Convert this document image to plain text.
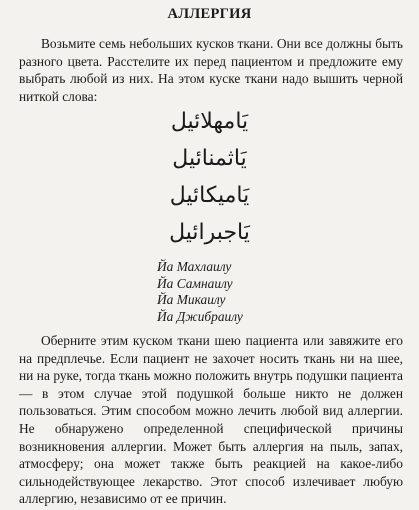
АЛЛЕРГИЯ

Возьмите семь небольших кусков ткани. Они все должны быть разного цвета. Расстелите их перед пациентом и предложите ему выбрать любой из них. На этом куске ткани надо вышить черной ниткой слова:

يَامهلائيل
يَاثمنائيل
يَاميكائيل
يَاجبرائيل
Йа Махлаилу
Йа Самнаилу
Йа Микаилу
Йа Джибраилу

Оберните этим куском ткани шею пациента или завяжите его на предплечье. Если пациент не захочет носить ткань ни на шее, ни на руке, тогда ткань можно положить внутрь подушки пациента — в этом случае этой подушкой больше никто не должен пользоваться. Этим способом можно лечить любой вид аллергии. Не обнаружено определенной специфической причины возникновения аллергии. Может быть аллергия на пыль, запах, атмосферу; она может также быть реакцией на какое-либо сильнодействующее лекарство. Этот способ излечивает любую аллергию, независимо от ее причин.
